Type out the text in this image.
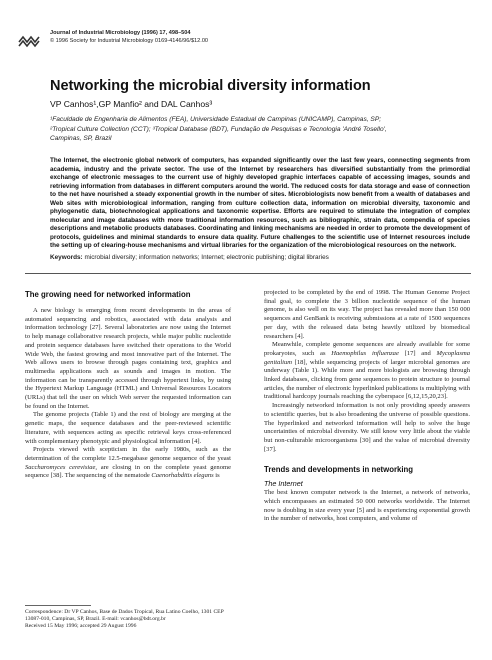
Journal of Industrial Microbiology (1996) 17, 498–504
© 1996 Society for Industrial Microbiology 0169-4146/96/$12.00
Networking the microbial diversity information
VP Canhos¹,GP Manfio² and DAL Canhos³
¹Faculdade de Engenharia de Alimentos (FEA), Universidade Estadual de Campinas (UNICAMP), Campinas, SP;
²Tropical Culture Collection (CCT); ³Tropical Database (BDT), Fundação de Pesquisas e Tecnologia 'André Tosello',
Campinas, SP, Brazil

The Internet, the electronic global network of computers, has expanded significantly over the last few years, connecting segments from academia, industry and the private sector. The use of the Internet by researchers has diversified substantially from the primordial exchange of electronic messages to the current use of highly developed graphic interfaces capable of accessing images, sounds and retrieving information from databases in different computers around the world. The reduced costs for data storage and ease of connection to the net have nourished a steady exponential growth in the number of sites. Microbiologists now benefit from a wealth of databases and Web sites with microbiological information, ranging from culture collection data, information on microbial diversity, taxonomic and phylogenetic data, biotechnological applications and taxonomic expertise. Efforts are required to stimulate the integration of complex molecular and image databases with more traditional information resources, such as bibliographic, strain data, compendia of species descriptions and metabolic products databases. Coordinating and linking mechanisms are needed in order to promote the development of protocols, guidelines and minimal standards to ensure data quality. Future challenges to the scientific use of Internet resources include the setting up of clearing-house mechanisms and virtual libraries for the organization of the microbiological resources on the network.

Keywords: microbial diversity; information networks; Internet; electronic publishing; digital libraries
The growing need for networked information

A new biology is emerging from recent developments in the areas of automated sequencing and robotics, associated with data analysis and information technology [27]. Several laboratories are now using the Internet to help manage collaborative research projects, while major public nucleotide and protein sequence databases have switched their operations to the World Wide Web, the fastest growing and most innovative part of the Internet. The Web allows users to browse through pages containing text, graphics and multimedia applications such as sounds and images in motion. The information can be transparently accessed through hypertext links, by using the Hypertext Markup Language (HTML) and Universal Resources Locators (URLs) that tell the user on which Web server the requested information can be found on the Internet.

The genome projects (Table 1) and the rest of biology are merging at the genetic maps, the sequence databases and the peer-reviewed scientific literature, with sequences acting as specific retrieval keys cross-referenced with complementary phenotypic and physiological information [4].

Projects viewed with scepticism in the early 1980s, such as the determination of the complete 12.5-megabase genome sequence of the yeast Saccharomyces cerevisiae, are closing in on the complete yeast genome sequence [38]. The sequencing of the nematode Caenorhabditis elegans is

projected to be completed by the end of 1998. The Human Genome Project final goal, to complete the 3 billion nucleotide sequence of the human genome, is also well on its way. The project has revealed more than 150 000 sequences and GenBank is receiving submissions at a rate of 1500 sequences per day, with the released data being heavily utilized by biomedical researchers [4].

Meanwhile, complete genome sequences are already available for some prokaryotes, such as Haemophilus influenzae [17] and Mycoplasma genitalium [18], while sequencing projects of larger microbial genomes are underway (Table 1). While more and more biologists are browsing through linked databases, clicking from gene sequences to protein structure to journal articles, the number of electronic hyperlinked publications is multiplying with traditional hardcopy journals reaching the cyberspace [6,12,15,20,23].

Increasingly networked information is not only providing speedy answers to scientific queries, but is also broadening the universe of possible questions. The hyperlinked and networked information will help to solve the huge uncertainties of microbial diversity. We still know very little about the viable but non-culturable microorganisms [30] and the value of microbial diversity [37].

Trends and developments in networking
The Internet

The best known computer network is the Internet, a network of networks, which encompasses an estimated 50 000 networks worldwide. The Internet now is doubling in size every year [5] and is experiencing exponential growth in the number of networks, host computers, and volume of

Correspondence: Dr VP Canhos, Base de Dados Tropical, Rua Latino Coelho, 1301 CEP 13087-010, Campinas, SP, Brazil. E-mail: vcanhos@bdt.org.br

Received 15 May 1996; accepted 29 August 1996
